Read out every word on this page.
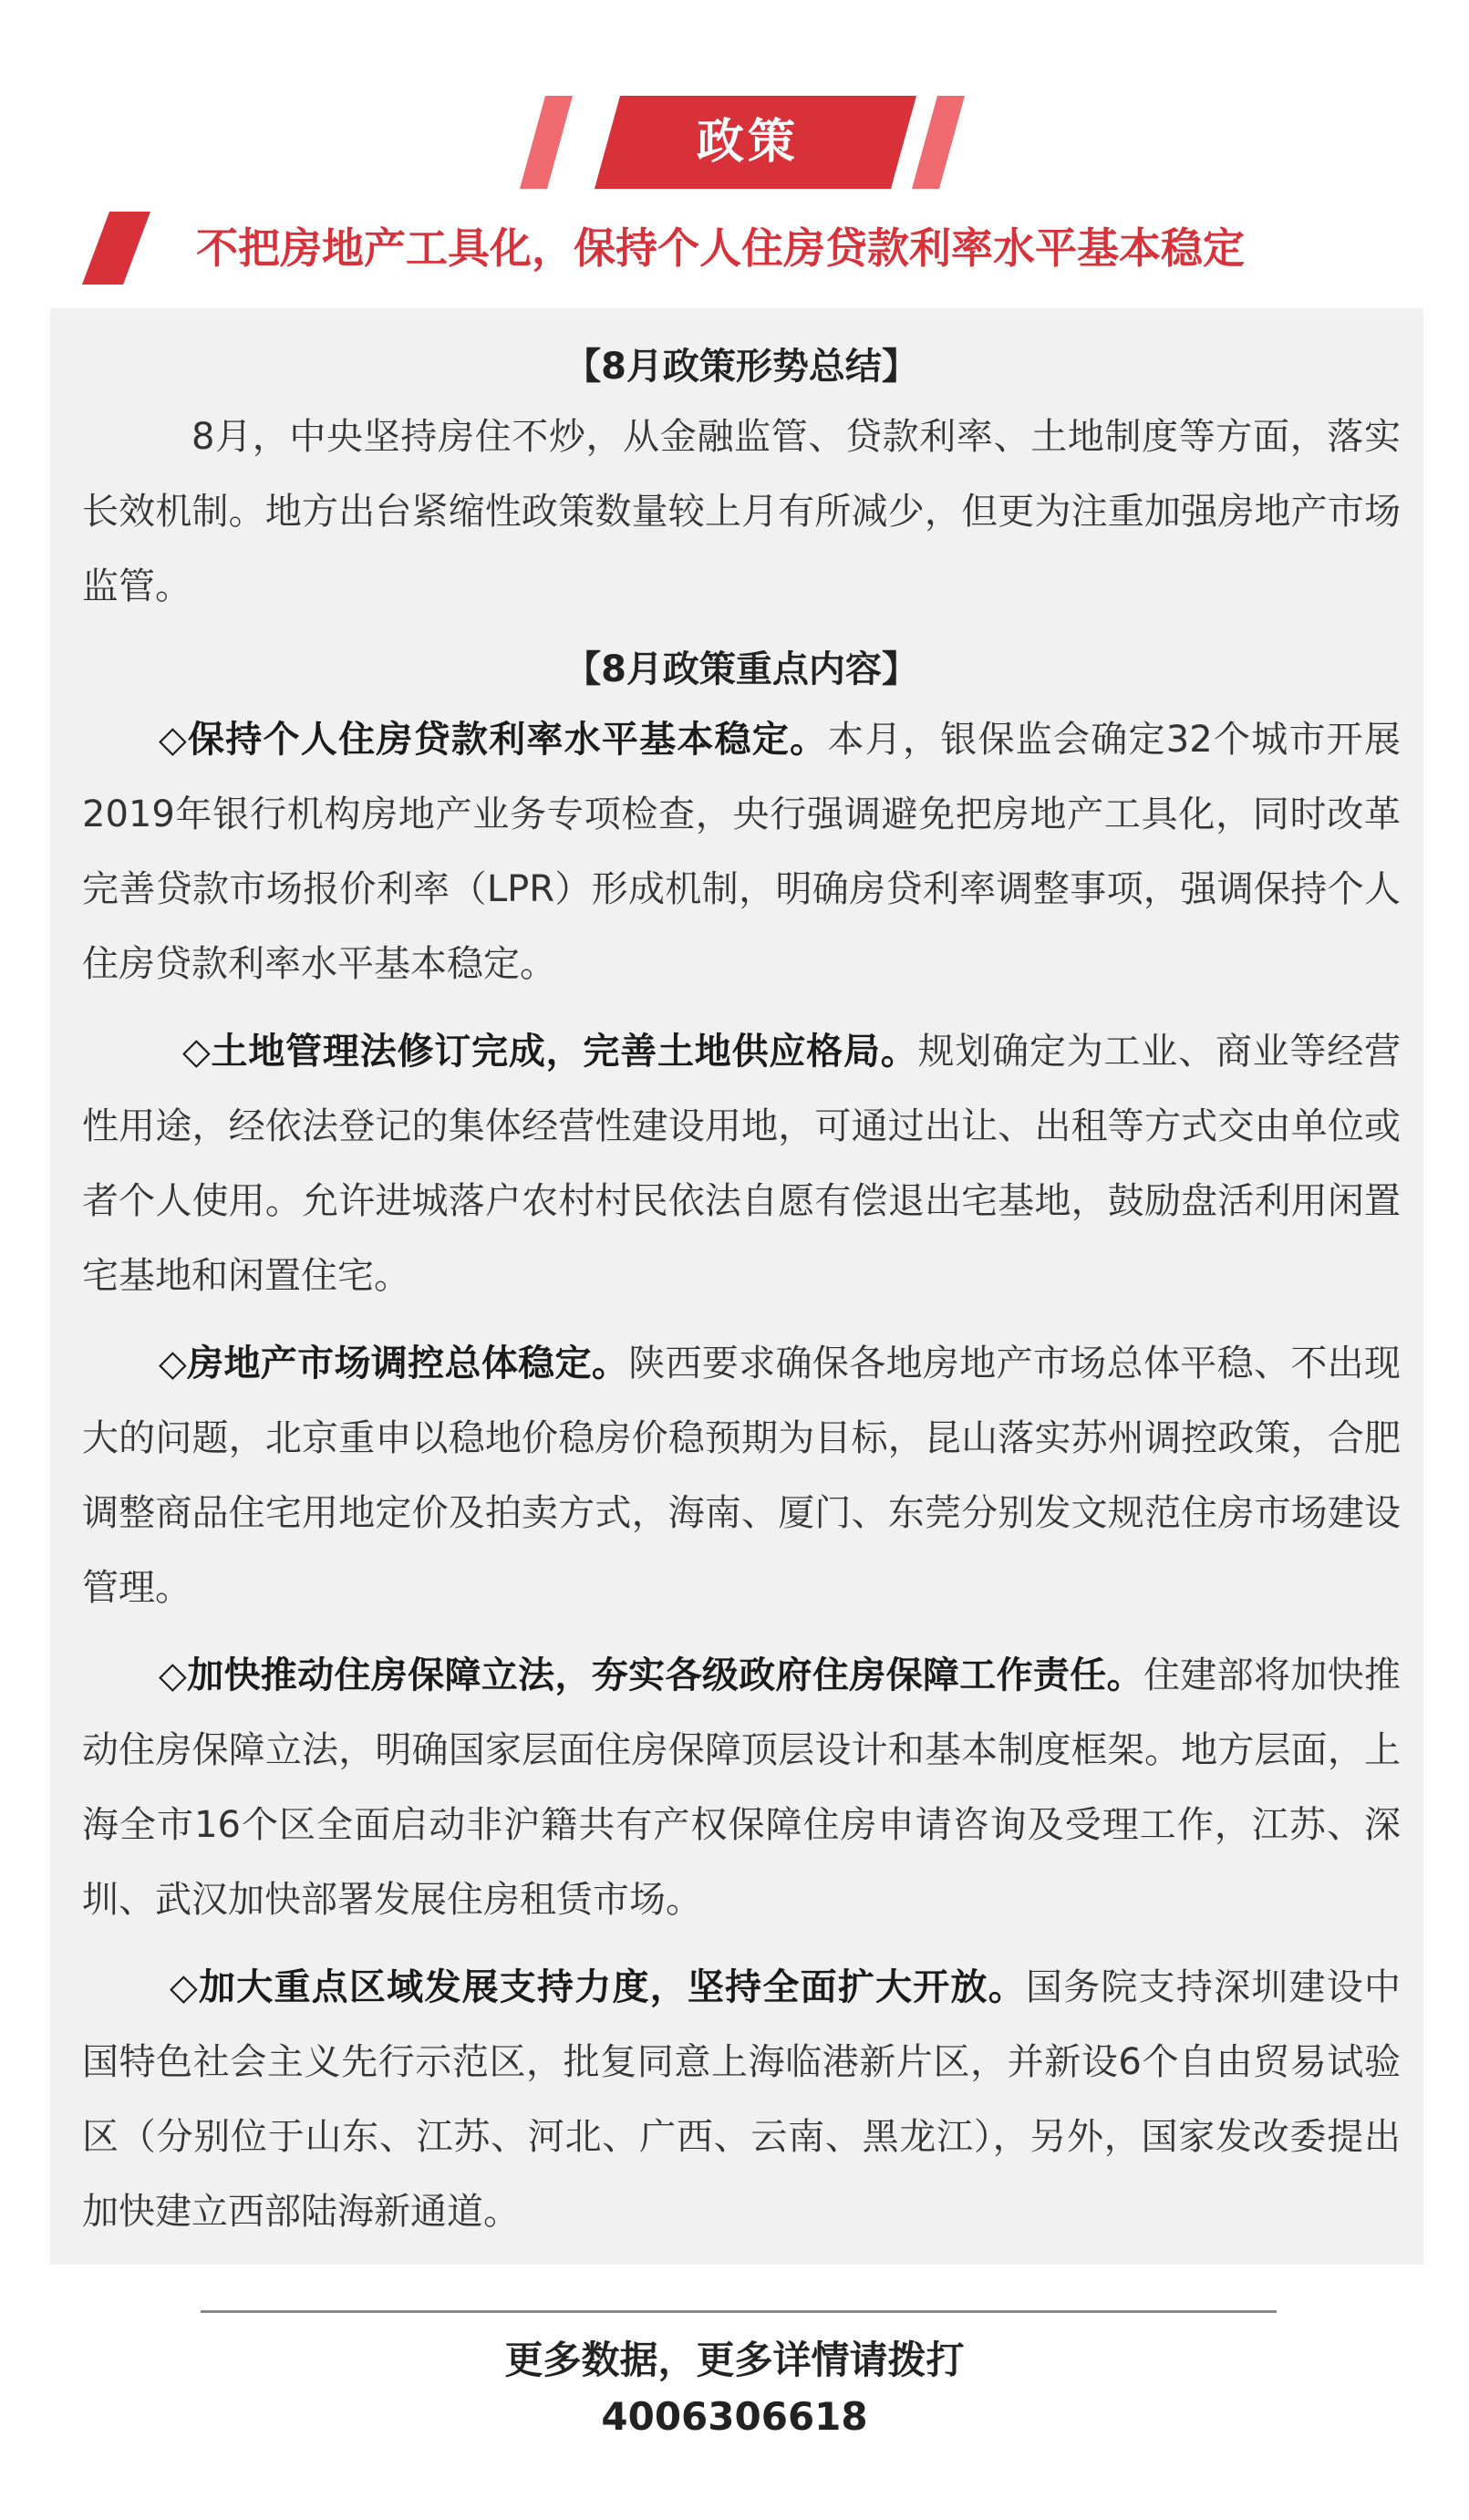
政策
不把房地产工具化，保持个人住房贷款利率水平基本稳定
【8月政策形势总结】

8月，中央坚持房住不炒，从金融监管、贷款利率、土地制度等方面，落实长效机制。地方出台紧缩性政策数量较上月有所减少，但更为注重加强房地产市场监管。

【8月政策重点内容】

◇保持个人住房贷款利率水平基本稳定。本月，银保监会确定32个城市开展2019年银行机构房地产业务专项检查，央行强调避免把房地产工具化，同时改革完善贷款市场报价利率（LPR）形成机制，明确房贷利率调整事项，强调保持个人住房贷款利率水平基本稳定。

◇土地管理法修订完成，完善土地供应格局。规划确定为工业、商业等经营性用途，经依法登记的集体经营性建设用地，可通过出让、出租等方式交由单位或者个人使用。允许进城落户农村村民依法自愿有偿退出宅基地，鼓励盘活利用闲置宅基地和闲置住宅。

◇房地产市场调控总体稳定。陕西要求确保各地房地产市场总体平稳、不出现大的问题，北京重申以稳地价稳房价稳预期为目标，昆山落实苏州调控政策，合肥调整商品住宅用地定价及拍卖方式，海南、厦门、东莞分别发文规范住房市场建设管理。

◇加快推动住房保障立法，夯实各级政府住房保障工作责任。住建部将加快推动住房保障立法，明确国家层面住房保障顶层设计和基本制度框架。地方层面，上海全市16个区全面启动非沪籍共有产权保障住房申请咨询及受理工作，江苏、深圳、武汉加快部署发展住房租赁市场。

◇加大重点区域发展支持力度，坚持全面扩大开放。国务院支持深圳建设中国特色社会主义先行示范区，批复同意上海临港新片区，并新设6个自由贸易试验区（分别位于山东、江苏、河北、广西、云南、黑龙江），另外，国家发改委提出加快建立西部陆海新通道。

更多数据，更多详情请拨打
4006306618
